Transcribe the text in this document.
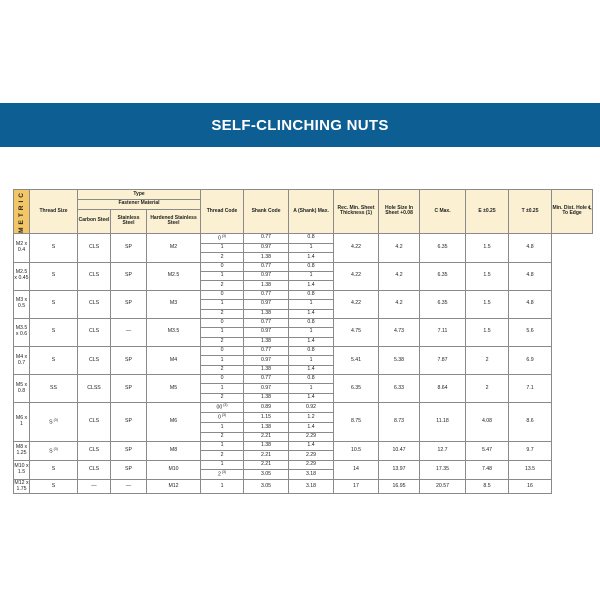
SELF-CLINCHING NUTS
METRIC	Thread Size	Type			Thread Code	Shank Code	A (Shank) Max.	Rec. Min. Sheet Thickness (1)	Hole Size In Sheet +0.08	C Max.	E ±0.25	T ±0.25	Min. Dist. Hole ℄ To Edge
		Fastener Material											
		Carbon Steel	Stainless Steel	Hardened Stainless Steel									
M2 x 0.4	S	CLS	SP	M2	0 $^{(3)}$	0.77	0.8	4.22	4.2	6.35	1.5	4.8	
					1	0.97	1						
					2	1.38	1.4						
M2.5 x 0.45	S	CLS	SP	M2.5	0	0.77	0.8	4.22	4.2	6.35	1.5	4.8	
					1	0.97	1						
					2	1.38	1.4						
M3 x 0.5	S	CLS	SP	M3	0	0.77	0.8	4.22	4.2	6.35	1.5	4.8	
					1	0.97	1						
					2	1.38	1.4						
M3.5 x 0.6	S	CLS	—	M3.5	0	0.77	0.8	4.75	4.73	7.11	1.5	5.6	
					1	0.97	1						
					2	1.38	1.4						
M4 x 0.7	S	CLS	SP	M4	0	0.77	0.8	5.41	5.38	7.87	2	6.9	
					1	0.97	1						
					2	1.38	1.4						
M5 x 0.8	SS	CLSS	SP	M5	0	0.77	0.8	6.35	6.33	8.64	2	7.1	
					1	0.97	1						
					2	1.38	1.4						
M6 x 1	S $^{(3)}$	CLS	SP	M6	00 $^{(3)}$	0.89	0.92	8.75	8.73	11.18	4.08	8.6	
					0 $^{(3)}$	1.15	1.2						
					1	1.38	1.4						
					2	2.21	2.29						
M8 x 1.25	S $^{(3)}$	CLS	SP	M8	1	1.38	1.4	10.5	10.47	12.7	5.47	9.7	
					2	2.21	2.29						
M10 x 1.5	S	CLS	SP	M10	1	2.21	2.29	14	13.97	17.35	7.48	13.5	
					2 $^{(3)}$	3.05	3.18						
M12 x 1.75	S	—	—	M12	1	3.05	3.18	17	16.95	20.57	8.5	16	
